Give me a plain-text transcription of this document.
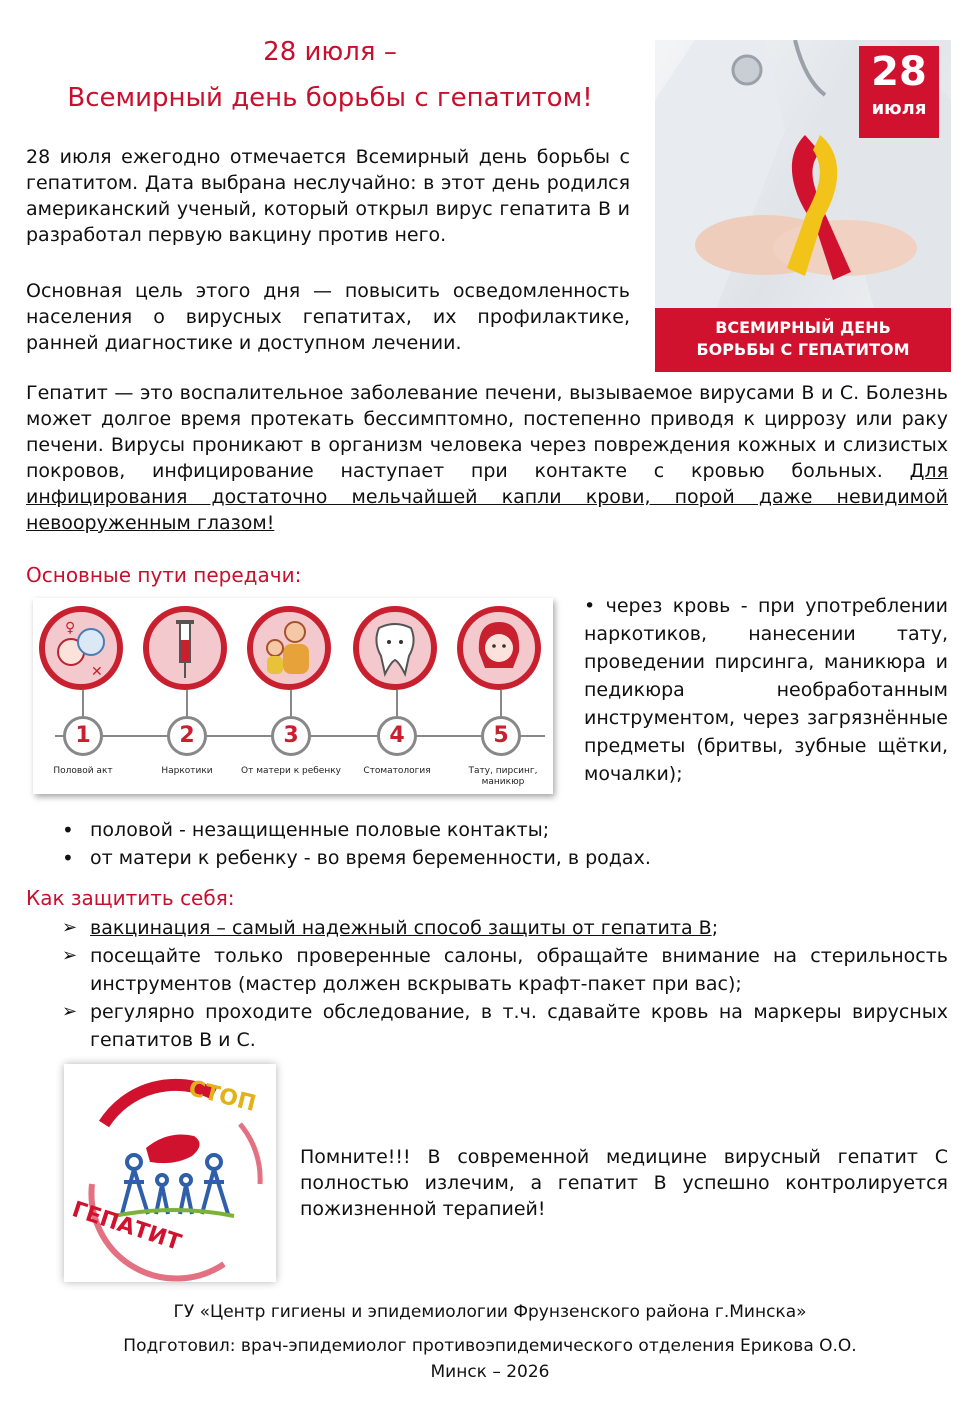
28 июля –
Всемирный день борьбы с гепатитом!

28 июля ежегодно отмечается Всемирный день борьбы с гепатитом. Дата выбрана неслучайно: в этот день родился американский ученый, который открыл вирус гепатита В и разработал первую вакцину против него.

Основная цель этого дня — повысить осведомленность населения о вирусных гепатитах, их профилактике, ранней диагностике и доступном лечении.

28
июля
ВСЕМИРНЫЙ ДЕНЬ
БОРЬБЫ С ГЕПАТИТОМ

Гепатит — это воспалительное заболевание печени, вызываемое вирусами В и С. Болезнь может долгое время протекать бессимптомно, постепенно приводя к циррозу или раку печени. Вирусы проникают в организм человека через повреждения кожных и слизистых покровов, инфицирование наступает при контакте с кровью больных. Для инфицирования достаточно мельчайшей капли крови, порой даже невидимой невооруженным глазом!

Основные пути передачи:
♀
✕
1	2	3	4	5
Половой акт	Наркотики	От матери к ребенку	Стоматология	Тату, пирсинг, маникюр

• через кровь - при употреблении наркотиков, нанесении тату, проведении пирсинга, маникюра и педикюра необработанным инструментом, через загрязнённые предметы (бритвы, зубные щётки, мочалки);

• половой - незащищенные половые контакты;
• от матери к ребенку - во время беременности, в родах.
Как защитить себя:
➢ вакцинация – самый надежный способ защиты от гепатита В;
➢ посещайте только проверенные салоны, обращайте внимание на стерильность инструментов (мастер должен вскрывать крафт-пакет при вас);
➢ регулярно проходите обследование, в т.ч. сдавайте кровь на маркеры вирусных гепатитов В и С.
СТОП
ГЕПАТИТ

Помните!!! В современной медицине вирусный гепатит С полностью излечим, а гепатит В успешно контролируется пожизненной терапией!

ГУ «Центр гигиены и эпидемиологии Фрунзенского района г.Минска»
Подготовил: врач-эпидемиолог противоэпидемического отделения Ерикова О.О.
Минск – 2026
